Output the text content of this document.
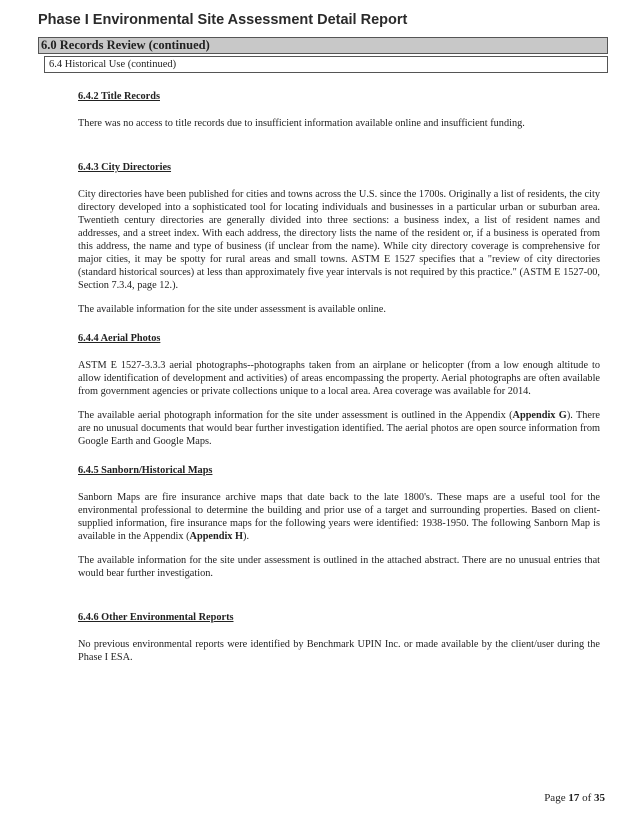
Phase I Environmental Site Assessment Detail Report
6.0 Records Review (continued)
6.4 Historical Use (continued)

6.4.2 Title Records

There was no access to title records due to insufficient information available online and insufficient funding.

6.4.3 City Directories

City directories have been published for cities and towns across the U.S. since the 1700s. Originally a list of residents, the city directory developed into a sophisticated tool for locating individuals and businesses in a particular urban or suburban area. Twentieth century directories are generally divided into three sections: a business index, a list of resident names and addresses, and a street index. With each address, the directory lists the name of the resident or, if a business is operated from this address, the name and type of business (if unclear from the name). While city directory coverage is comprehensive for major cities, it may be spotty for rural areas and small towns. ASTM E 1527 specifies that a "review of city directories (standard historical sources) at less than approximately five year intervals is not required by this practice." (ASTM E 1527-00, Section 7.3.4, page 12.).

The available information for the site under assessment is available online.

6.4.4 Aerial Photos

ASTM E 1527-3.3.3 aerial photographs--photographs taken from an airplane or helicopter (from a low enough altitude to allow identification of development and activities) of areas encompassing the property. Aerial photographs are often available from government agencies or private collections unique to a local area. Area coverage was available for 2014.

The available aerial photograph information for the site under assessment is outlined in the Appendix (Appendix G). There are no unusual documents that would bear further investigation identified. The aerial photos are open source information from Google Earth and Google Maps.

6.4.5 Sanborn/Historical Maps

Sanborn Maps are fire insurance archive maps that date back to the late 1800's. These maps are a useful tool for the environmental professional to determine the building and prior use of a target and surrounding properties. Based on client-supplied information, fire insurance maps for the following years were identified: 1938-1950. The following Sanborn Map is available in the Appendix (Appendix H).

The available information for the site under assessment is outlined in the attached abstract. There are no unusual entries that would bear further investigation.

6.4.6 Other Environmental Reports

No previous environmental reports were identified by Benchmark UPIN Inc. or made available by the client/user during the Phase I ESA.

Page 17 of 35
